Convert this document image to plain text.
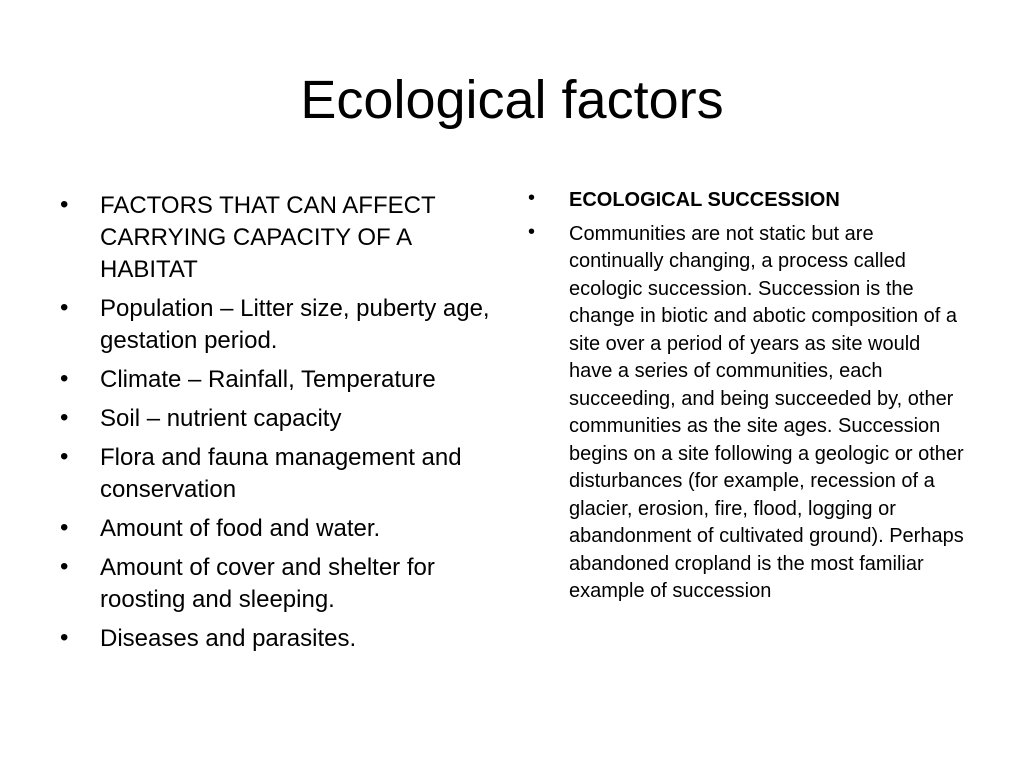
Ecological factors
• FACTORS THAT CAN AFFECT CARRYING CAPACITY OF A HABITAT
• Population – Litter size, puberty age, gestation period.
• Climate – Rainfall, Temperature
• Soil – nutrient capacity
• Flora and fauna management and conservation
• Amount of food and water.
• Amount of cover and shelter for roosting and sleeping.
• Diseases and parasites.
• ECOLOGICAL SUCCESSION
• Communities are not static but are continually changing, a process called ecologic succession. Succession is the change in biotic and abotic composition of a site over a period of years as site would have a series of communities, each succeeding, and being succeeded by, other communities as the site ages. Succession begins on a site following a geologic or other disturbances (for example, recession of a glacier, erosion, fire, flood, logging or abandonment of cultivated ground). Perhaps abandoned cropland is the most familiar example of succession
